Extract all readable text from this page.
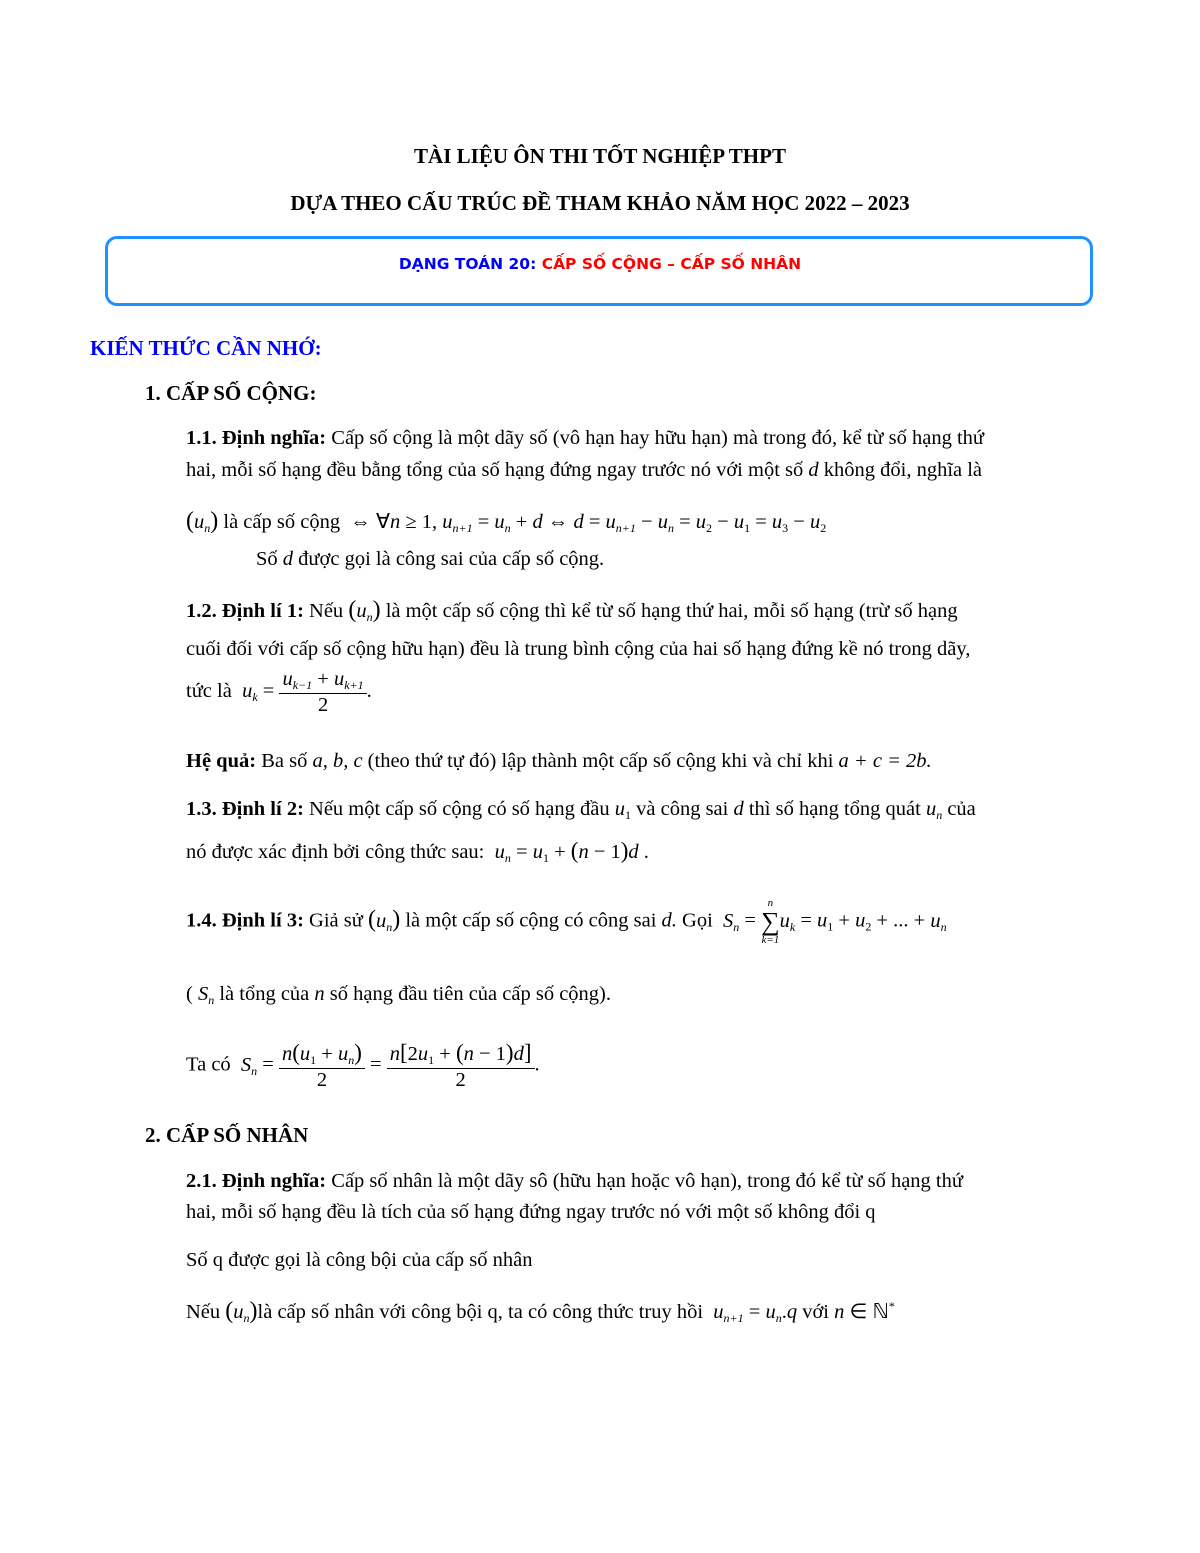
TÀI LIỆU ÔN THI TỐT NGHIỆP THPT
DỰA THEO CẤU TRÚC ĐỀ THAM KHẢO NĂM HỌC 2022 – 2023
DẠNG TOÁN 20: CẤP SỐ CỘNG – CẤP SỐ NHÂN
KIẾN THỨC CẦN NHỚ:
1. CẤP SỐ CỘNG:
1.1. Định nghĩa: Cấp số cộng là một dãy số (vô hạn hay hữu hạn) mà trong đó, kể từ số hạng thứ
hai, mỗi số hạng đều bằng tổng của số hạng đứng ngay trước nó với một số d không đổi, nghĩa là
$(u_n)$ là cấp số cộng  ⇔ ∀n ≥ 1, $u_{n+1} = u_n + d$ ⇔ $d = u_{n+1} - u_n = u_2 - u_1 = u_3 - u_2$
Số d được gọi là công sai của cấp số cộng.
1.2. Định lí 1: Nếu $(u_n)$ là một cấp số cộng thì kể từ số hạng thứ hai, mỗi số hạng (trừ số hạng
cuối đối với cấp số cộng hữu hạn) đều là trung bình cộng của hai số hạng đứng kề nó trong dãy,
tức là $u_k = \frac{u_{k-1} + u_{k+1}}{2}$ .
Hệ quả: Ba số a, b, c (theo thứ tự đó) lập thành một cấp số cộng khi và chỉ khi a + c = 2b.
1.3. Định lí 2: Nếu một cấp số cộng có số hạng đầu $u_1$ và công sai d thì số hạng tổng quát $u_n$ của
nó được xác định bởi công thức sau: $u_n = u_1 + (n - 1)d$ .
1.4. Định lí 3: Giả sử $(u_n)$ là một cấp số cộng có công sai d. Gọi $S_n$ =
n
∑
k=1
$u_k = u_1 + u_2$ + ... + $u_n$
( $S_n$ là tổng của n số hạng đầu tiên của cấp số cộng).
Ta có $S_n = \frac{n(u_1 + u_n)}{2} = \frac{n[2u_1 + (n - 1)d]}{2}$ .
2. CẤP SỐ NHÂN
2.1. Định nghĩa: Cấp số nhân là một dãy sô (hữu hạn hoặc vô hạn), trong đó kể từ số hạng thứ
hai, mỗi số hạng đều là tích của số hạng đứng ngay trước nó với một số không đổi q
Số q được gọi là công bội của cấp số nhân
Nếu $(u_n)là$ cấp số nhân với công bội q, ta có công thức truy hồi $u_{n+1} = u_n.q$ với n ∈ ℕ*
